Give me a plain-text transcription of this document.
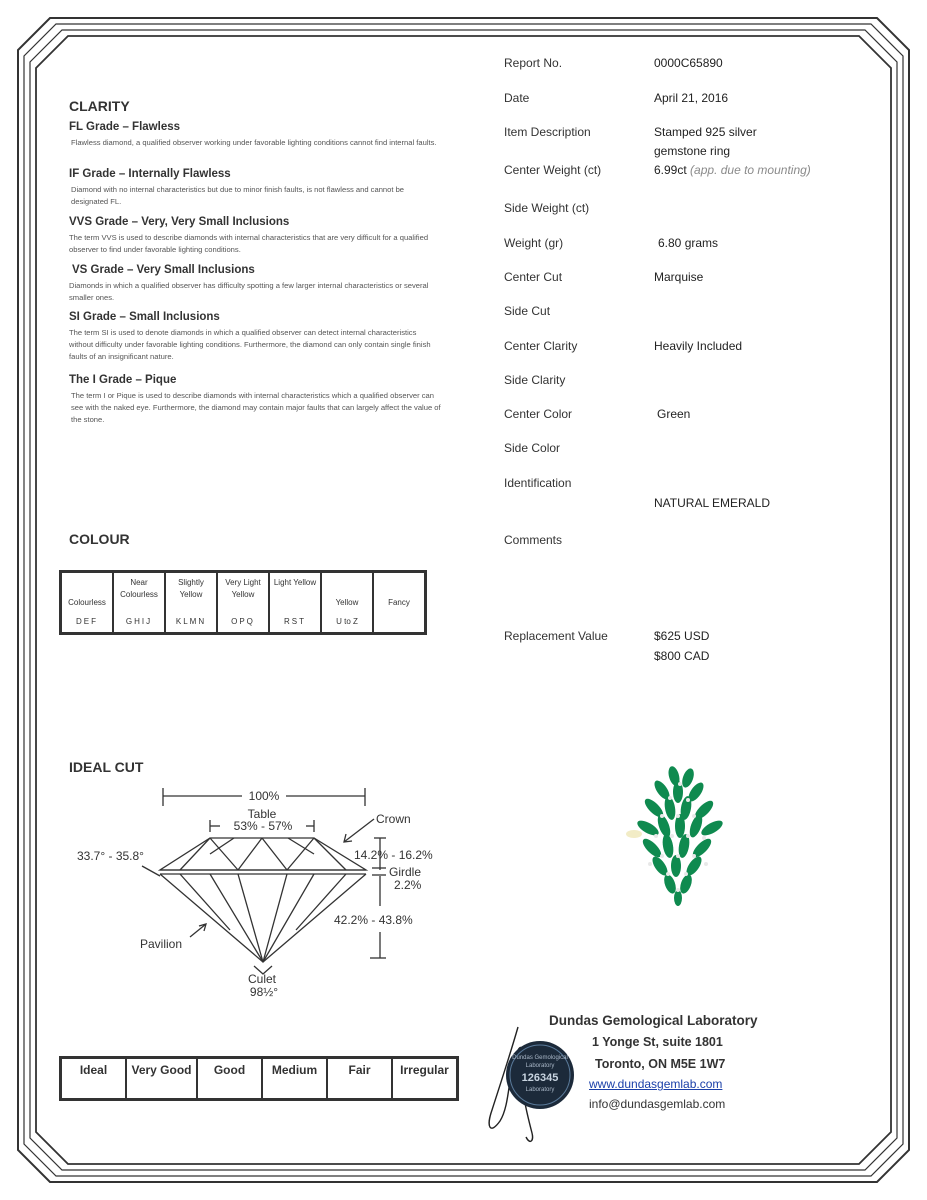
CLARITY
FL Grade – Flawless
Flawless diamond, a qualified observer working under favorable lighting conditions cannot find internal faults.
IF Grade – Internally Flawless
Diamond with no internal characteristics but due to minor finish faults, is not flawless and cannot be designated FL.
VVS Grade – Very, Very Small Inclusions
The term VVS is used to describe diamonds with internal characteristics that are very difficult for a qualified observer to find under favorable lighting conditions.
VS Grade – Very Small Inclusions
Diamonds in which a qualified observer has difficulty spotting a few larger internal characteristics or several smaller ones.
SI Grade – Small Inclusions
The term SI is used to denote diamonds in which a qualified observer can detect internal characteristics without difficulty under favorable lighting conditions. Furthermore, the diamond can only contain single finish faults of an insignificant nature.
The I Grade – Pique
The term I or Pique is used to describe diamonds with internal characteristics which a qualified observer can see with the naked eye. Furthermore, the diamond may contain major faults that can largely affect the value of the stone.
COLOUR
Colourless
DEF

Near Colourless
GHIJ

Slightly Yellow
KLMN

Very Light Yellow
OPQ

Light Yellow
RST

Yellow
U to Z

Fancy
IDEAL CUT
100%
Table
53% - 57%	Crown
33.7° - 35.8°	14.2% - 16.2%
Girdle
2.2%
42.2% - 43.8%
Pavilion
Culet
98½°
Ideal	Very Good	Good	Medium	Fair	Irregular
Report No.	0000C65890
Date	April 21, 2016
Item Description	Stamped 925 silver
gemstone ring
Center Weight (ct)	6.99ct (app. due to mounting)
Side Weight (ct)
Weight (gr)	6.80 grams
Center Cut	Marquise
Side Cut
Center Clarity	Heavily Included
Side Clarity
Center Color	Green
Side Color
Identification
NATURAL EMERALD
Comments
Replacement Value	$625 USD
$800 CAD
Dundas Gemological
Laboratory
126345
Laboratory
Dundas Gemological Laboratory
1 Yonge St, suite 1801
Toronto, ON M5E 1W7
www.dundasgemlab.com
info@dundasgemlab.com
